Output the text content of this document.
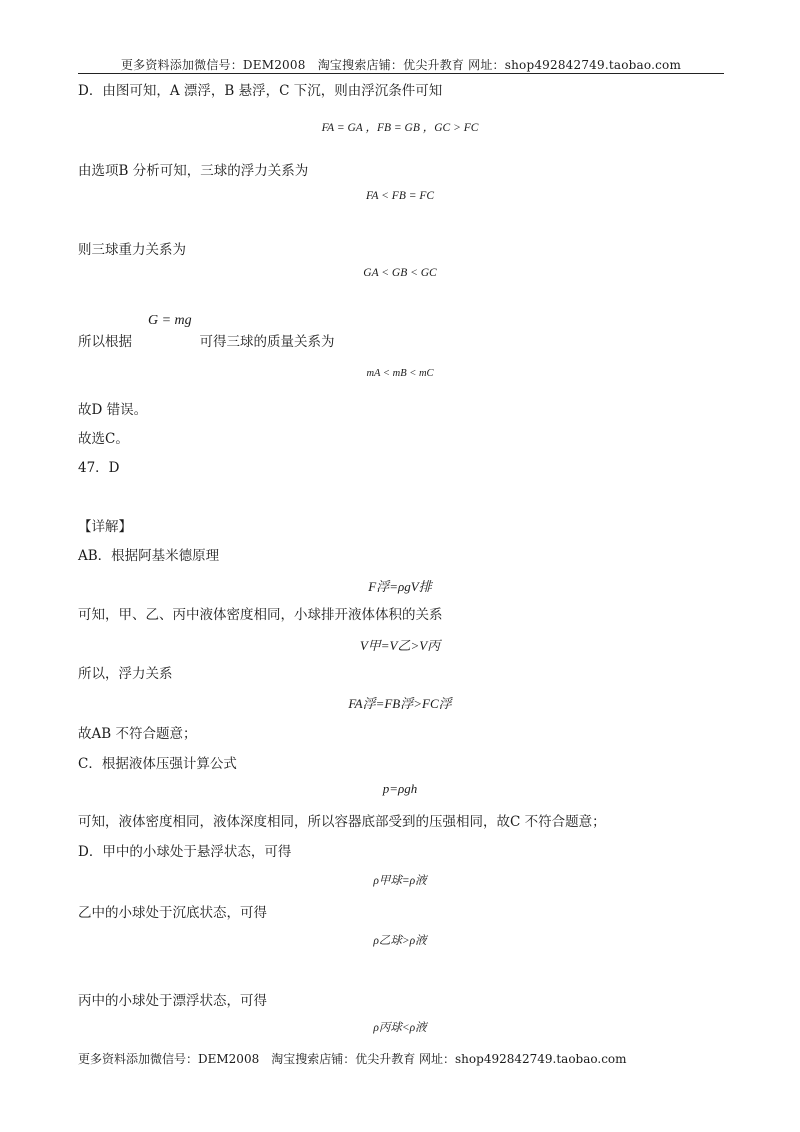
更多资料添加微信号：DEM2008　淘宝搜索店铺：优尖升教育 网址：shop492842749.taobao.com
D．由图可知，A 漂浮，B 悬浮，C 下沉，则由浮沉条件可知
FA = GA ，FB = GB ，GC > FC
由选项B 分析可知，三球的浮力关系为
FA < FB = FC
则三球重力关系为
GA < GB < GC
G = mg
所以根据　　　　　可得三球的质量关系为
mA < mB < mC
故D 错误。
故选C。
47．D
【详解】
AB．根据阿基米德原理
F浮=ρgV排
可知，甲、乙、丙中液体密度相同，小球排开液体体积的关系
V甲=V乙>V丙
所以，浮力关系
FA浮=FB浮>FC浮
故AB 不符合题意；
C．根据液体压强计算公式
p=ρgh
可知，液体密度相同，液体深度相同，所以容器底部受到的压强相同，故C 不符合题意；
D．甲中的小球处于悬浮状态，可得
ρ甲球=ρ液
乙中的小球处于沉底状态，可得
ρ乙球>ρ液
丙中的小球处于漂浮状态，可得
ρ丙球<ρ液
更多资料添加微信号：DEM2008　淘宝搜索店铺：优尖升教育 网址：shop492842749.taobao.com
